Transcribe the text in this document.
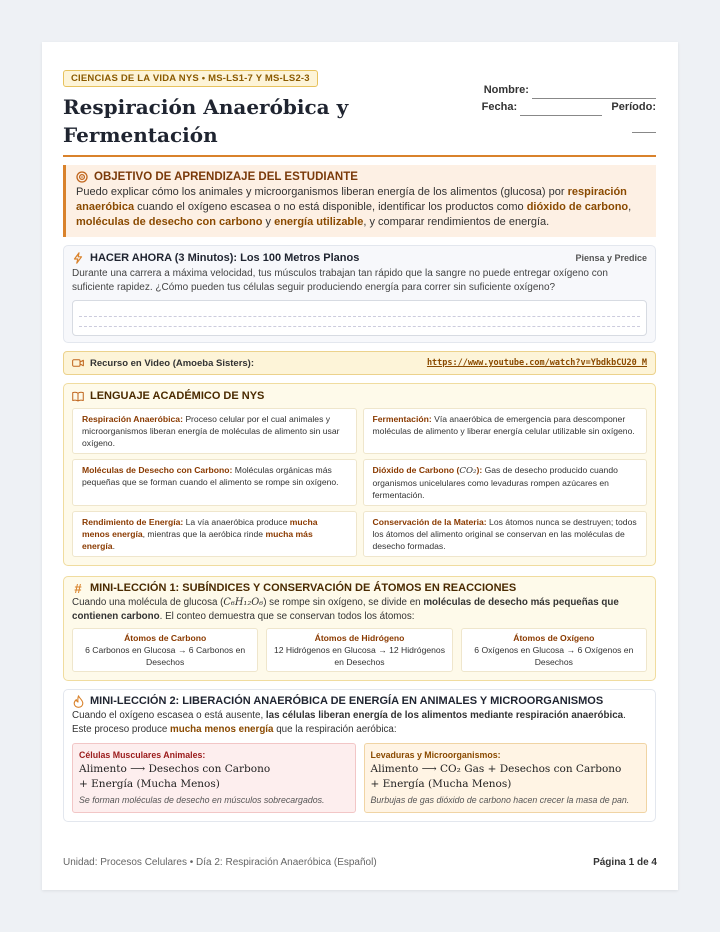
CIENCIAS DE LA VIDA NYS • MS-LS1-7 Y MS-LS2-3
Respiración Anaeróbica y Fermentación
Nombre:
Fecha:	Período:
OBJETIVO DE APRENDIZAJE DEL ESTUDIANTE

Puedo explicar cómo los animales y microorganismos liberan energía de los alimentos (glucosa) por respiración anaeróbica cuando el oxígeno escasea o no está disponible, identificar los productos como dióxido de carbono, moléculas de desecho con carbono y energía utilizable, y comparar rendimientos de energía.

HACER AHORA (3 Minutos): Los 100 Metros Planos	Piensa y Predice

Durante una carrera a máxima velocidad, tus músculos trabajan tan rápido que la sangre no puede entregar oxígeno con suficiente rapidez. ¿Cómo pueden tus células seguir produciendo energía para correr sin suficiente oxígeno?

Recurso en Video (Amoeba Sisters):	https://www.youtube.com/watch?v=YbdkbCU20_M
LENGUAJE ACADÉMICO DE NYS
Respiración Anaeróbica: Proceso celular por el cual animales y microorganismos liberan energía de moléculas de alimento sin usar oxígeno.
Fermentación: Vía anaeróbica de emergencia para descomponer moléculas de alimento y liberar energía celular utilizable sin oxígeno.
Moléculas de Desecho con Carbono: Moléculas orgánicas más pequeñas que se forman cuando el alimento se rompe sin oxígeno.
Dióxido de Carbono (CO₂): Gas de desecho producido cuando organismos unicelulares como levaduras rompen azúcares en fermentación.
Rendimiento de Energía: La vía anaeróbica produce mucha menos energía, mientras que la aeróbica rinde mucha más energía.
Conservación de la Materia: Los átomos nunca se destruyen; todos los átomos del alimento original se conservan en las moléculas de desecho formadas.
# MINI-LECCIÓN 1: SUBÍNDICES Y CONSERVACIÓN DE ÁTOMOS EN REACCIONES

Cuando una molécula de glucosa (C₆H₁₂O₆) se rompe sin oxígeno, se divide en moléculas de desecho más pequeñas que contienen carbono. El conteo demuestra que se conservan todos los átomos:

Átomos de Carbono
6 Carbonos en Glucosa → 6 Carbonos en Desechos
Átomos de Hidrógeno
12 Hidrógenos en Glucosa → 12 Hidrógenos en Desechos
Átomos de Oxígeno
6 Oxígenos en Glucosa → 6 Oxígenos en Desechos
MINI-LECCIÓN 2: LIBERACIÓN ANAERÓBICA DE ENERGÍA EN ANIMALES Y MICROORGANISMOS

Cuando el oxígeno escasea o está ausente, las células liberan energía de los alimentos mediante respiración anaeróbica. Este proceso produce mucha menos energía que la respiración aeróbica:

Células Musculares Animales:
Alimento ⟶ Desechos con Carbono
+ Energía (Mucha Menos)
Se forman moléculas de desecho en músculos sobrecargados.
Levaduras y Microorganismos:
Alimento ⟶ CO₂ Gas + Desechos con Carbono
+ Energía (Mucha Menos)
Burbujas de gas dióxido de carbono hacen crecer la masa de pan.
Unidad: Procesos Celulares • Día 2: Respiración Anaeróbica (Español)	Página 1 de 4
